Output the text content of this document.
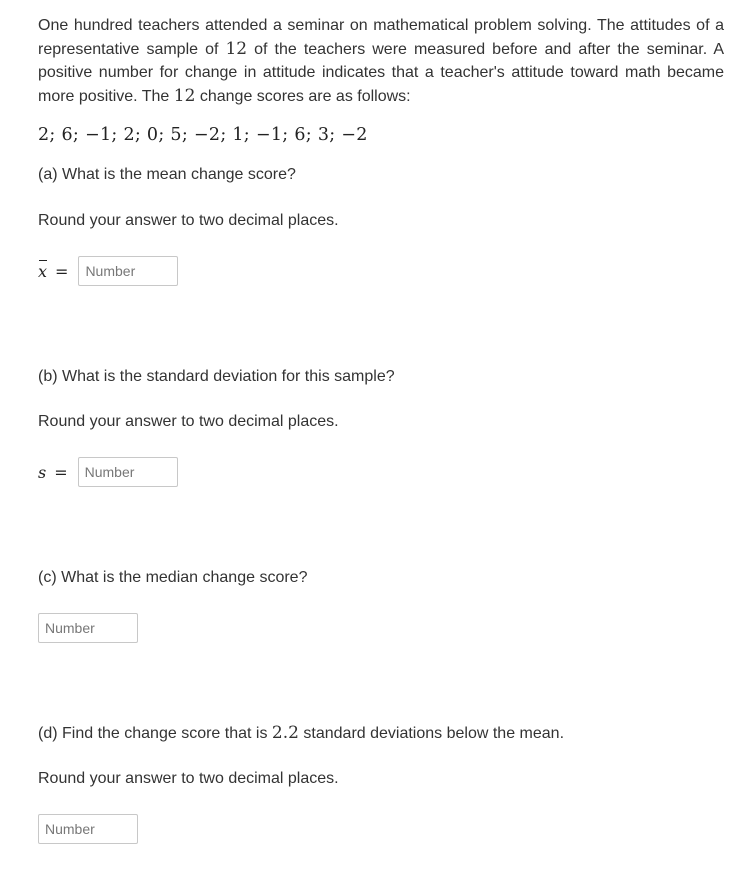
One hundred teachers attended a seminar on mathematical problem solving. The attitudes of a representative sample of 12 of the teachers were measured before and after the seminar. A positive number for change in attitude indicates that a teacher's attitude toward math became more positive. The 12 change scores are as follows:

2; 6; −1; 2; 0; 5; −2; 1; −1; 6; 3; −2

(a) What is the mean change score?

Round your answer to two decimal places.

x =
Number

(b) What is the standard deviation for this sample?

Round your answer to two decimal places.

s =
Number

(c) What is the median change score?

Number

(d) Find the change score that is 2.2 standard deviations below the mean.

Round your answer to two decimal places.

Number
